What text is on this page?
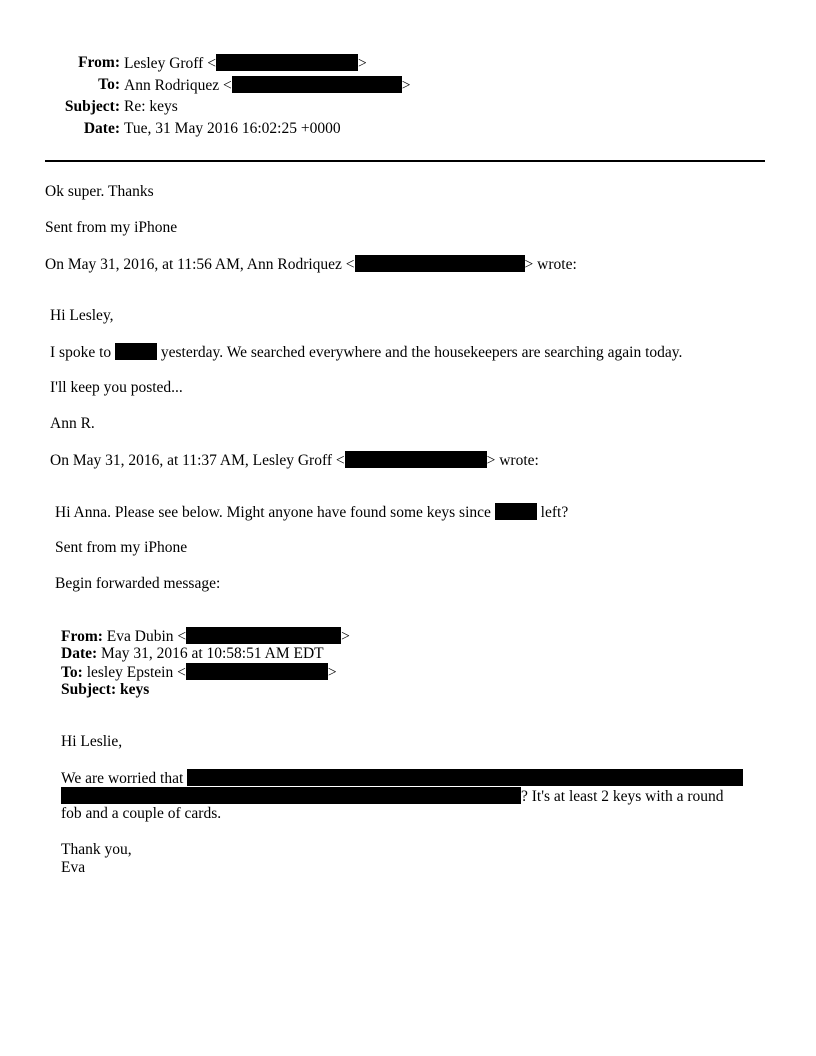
From: Lesley Groff <	>
To: Ann Rodriquez <	>
Subject: Re: keys
Date: Tue, 31 May 2016 16:02:25 +0000
Ok super. Thanks
Sent from my iPhone
On May 31, 2016, at 11:56 AM, Ann Rodriquez <	> wrote:
Hi Lesley,
I spoke to	yesterday. We searched everywhere and the housekeepers are searching again today.
I'll keep you posted...
Ann R.
On May 31, 2016, at 11:37 AM, Lesley Groff <	> wrote:
Hi Anna. Please see below. Might anyone have found some keys since	left?
Sent from my iPhone
Begin forwarded message:
From: Eva Dubin <	>
Date: May 31, 2016 at 10:58:51 AM EDT
To: lesley Epstein <	>
Subject: keys
Hi Leslie,
We are worried that
? It's at least 2 keys with a round
fob and a couple of cards.
Thank you,
Eva
